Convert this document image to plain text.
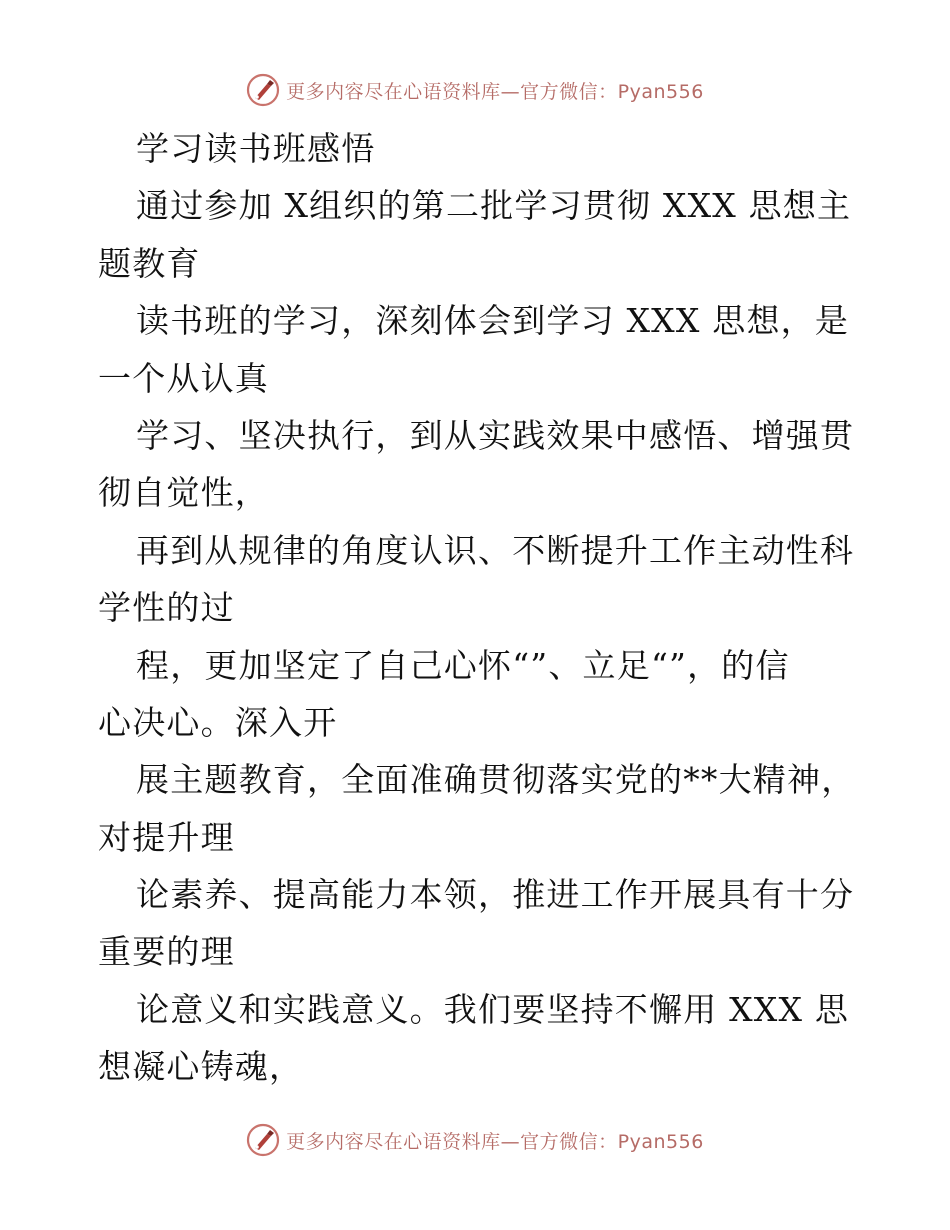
更多内容尽在心语资料库—官方微信：Pyan556
学习读书班感悟
通过参加 X组织的第二批学习贯彻 XXX 思想主
题教育
读书班的学习，深刻体会到学习 XXX 思想，是
一个从认真
学习、坚决执行，到从实践效果中感悟、增强贯
彻自觉性，
再到从规律的角度认识、不断提升工作主动性科
学性的过
程，更加坚定了自己心怀“”、立足“”，的信
心决心。深入开
展主题教育，全面准确贯彻落实党的**大精神，
对提升理
论素养、提高能力本领，推进工作开展具有十分
重要的理
论意义和实践意义。我们要坚持不懈用 XXX 思
想凝心铸魂，
更多内容尽在心语资料库—官方微信：Pyan556
